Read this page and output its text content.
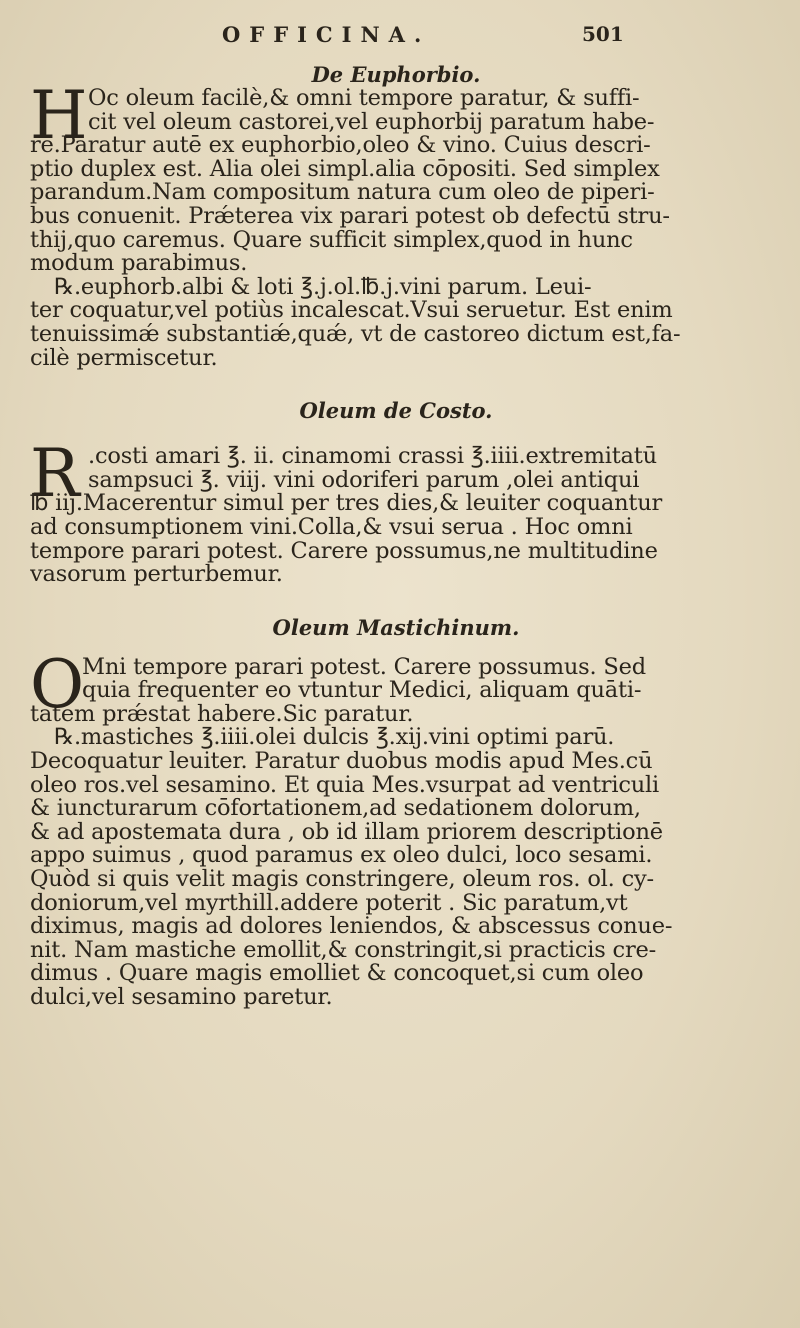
OFFICINA.	501

De Euphorbio.

H Oc oleum facilè,& omni tempore paratur, & suffi-
cit vel oleum castorei,vel euphorbij paratum habe-
re.Paratur autē ex euphorbio,oleo & vino. Cuius descri-
ptio duplex est. Alia olei simpl.alia cōpositi. Sed simplex
parandum.Nam compositum natura cum oleo de piperi-
bus conuenit. Prǽterea vix parari potest ob defectū stru-
thij,quo caremus. Quare sufficit simplex,quod in hunc
modum parabimus.
℞.euphorb.albi & loti ℥.j.ol.℔.j.vini parum. Leui-
ter coquatur,vel potiùs incalescat.Vsui seruetur. Est enim
tenuissimǽ substantiǽ,quǽ, vt de castoreo dictum est,fa-
cilè permiscetur.

Oleum de Costo.

R .costi amari ℥. ii. cinamomi crassi ℥.iiii.extremitatū
sampsuci ℥. viij. vini odoriferi parum ,olei antiqui
℔ iij.Macerentur simul per tres dies,& leuiter coquantur
ad consumptionem vini.Colla,& vsui serua . Hoc omni
tempore parari potest. Carere possumus,ne multitudine
vasorum perturbemur.

Oleum Mastichinum.

O
Mni tempore parari potest. Carere possumus. Sed
quia frequenter eo vtuntur Medici, aliquam quāti-
tatem prǽstat habere.Sic paratur.
℞.mastiches ℥.iiii.olei dulcis ℥.xij.vini optimi parū.
Decoquatur leuiter. Paratur duobus modis apud Mes.cū
oleo ros.vel sesamino. Et quia Mes.vsurpat ad ventriculi
& iuncturarum cōfortationem,ad sedationem dolorum,
& ad apostemata dura , ob id illam priorem descriptionē
appo suimus , quod paramus ex oleo dulci, loco sesami.
Quòd si quis velit magis constringere, oleum ros. ol. cy-
doniorum,vel myrthill.addere poterit . Sic paratum,vt
diximus, magis ad dolores leniendos, & abscessus conue-
nit. Nam mastiche emollit,& constringit,si practicis cre-
dimus . Quare magis emolliet & concoquet,si cum oleo
dulci,vel sesamino paretur.
